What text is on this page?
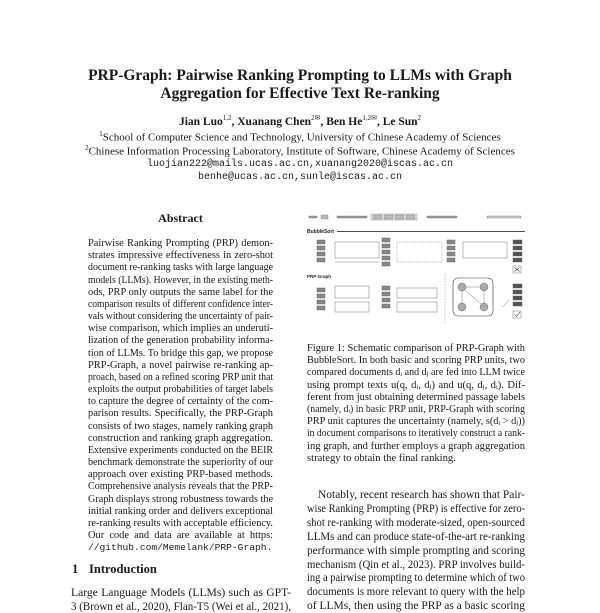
PRP-Graph: Pairwise Ranking Prompting to LLMs with Graph
Aggregation for Effective Text Re-ranking
Jian Luo$^{1,2}$, Xuanang Chen$^{2✉}$, Ben $He^{1,2✉}$, Le Sun$^2$
$^1$School of Computer Science and Technology, University of Chinese Academy of Sciences
$^2$Chinese Information Processing Laboratory, Institute of Software, Chinese Academy of Sciences
luojian222@mails.ucas.ac.cn,xuanang2020@iscas.ac.cn
benhe@ucas.ac.cn,sunle@iscas.ac.cn
Abstract
Pairwise Ranking Prompting (PRP) demon-
strates impressive effectiveness in zero-shot
document re-ranking tasks with large language
models (LLMs). However, in the existing meth-
ods, PRP only outputs the same label for the
comparison results of different confidence inter-
vals without considering the uncertainty of pair-
wise comparison, which implies an underuti-
lization of the generation probability informa-
tion of LLMs. To bridge this gap, we propose
PRP-Graph, a novel pairwise re-ranking ap-
proach, based on a refined scoring PRP unit that
exploits the output probabilities of target labels
to capture the degree of certainty of the com-
parison results. Specifically, the PRP-Graph
consists of two stages, namely ranking graph
construction and ranking graph aggregation.
Extensive experiments conducted on the BEIR
benchmark demonstrate the superiority of our
approach over existing PRP-based methods.
Comprehensive analysis reveals that the PRP-
Graph displays strong robustness towards the
initial ranking order and delivers exceptional
re-ranking results with acceptable efficiency.
Our code and data are available at https:
//github.com/Memelank/PRP-Graph.
1 Introduction
Large Language Models (LLMs) such as GPT-
3 (Brown et al., 2020), Flan-T5 (Wei et al., 2021),
BubbleSort
PRP-Graph
Figure 1: Schematic comparison of PRP-Graph with
BubbleSort. In both basic and scoring PRP units, two
compared documents dᵢ and dⱼ are fed into LLM twice
using prompt texts u(q, dᵢ, dⱼ) and u(q, dⱼ, dᵢ). Dif-
ferent from just obtaining determined passage labels
(namely, dᵢ) in basic PRP unit, PRP-Graph with scoring
PRP unit captures the uncertainty (namely, s(dᵢ > dⱼ))
in document comparisons to iteratively construct a rank-
ing graph, and further employs a graph aggregation
strategy to obtain the final ranking.
Notably, recent research has shown that Pair-
wise Ranking Prompting (PRP) is effective for zero-
shot re-ranking with moderate-sized, open-sourced
LLMs and can produce state-of-the-art re-ranking
performance with simple prompting and scoring
mechanism (Qin et al., 2023). PRP involves build-
ing a pairwise prompting to determine which of two
documents is more relevant to query with the help
of LLMs, then using the PRP as a basic scoring
